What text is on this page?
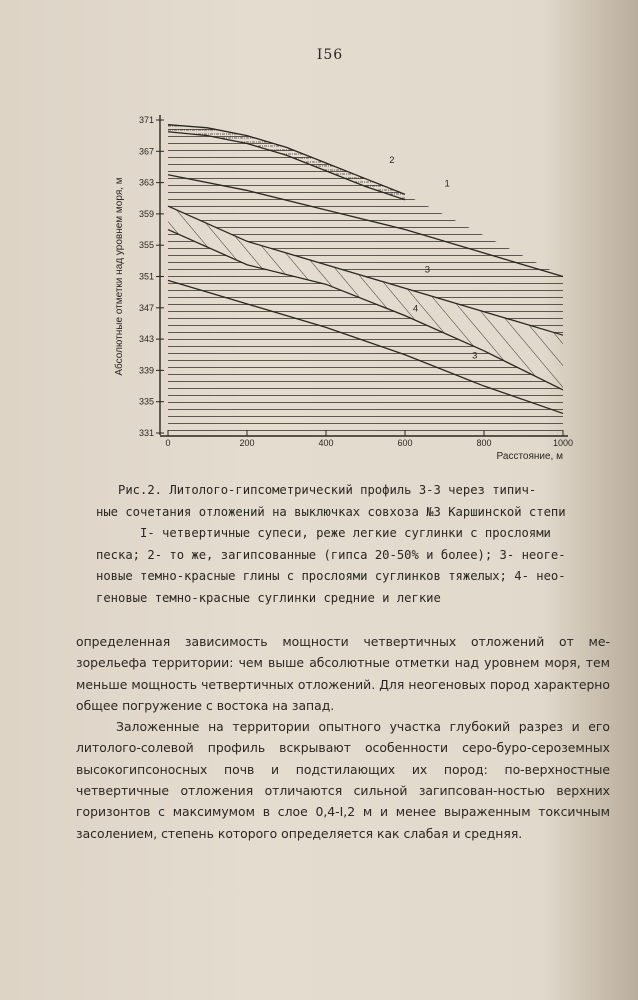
I56
371
367
363
359
355
351
347
343
339
335
331
0	200	400	600	800	1000
Абсолютные отметки над уровнем моря, м
Расстояние, м
1
2
3
4
3
Рис.2. Литолого-гипсометрический профиль 3-3 через типич-
ные сочетания отложений на выключках совхоза №3 Каршинской степи
I- четвертичные супеси, реже легкие суглинки с прослоями
песка; 2- то же, загипсованные (гипса 20-50% и более); 3- неоге-
новые темно-красные глины с прослоями суглинков тяжелых; 4- нео-
геновые темно-красные суглинки средние и легкие
определенная зависимость мощности четвертичных отложений от ме-зорельефа территории: чем выше абсолютные отметки над уровнем моря, тем меньше мощность четвертичных отложений. Для неогеновых пород характерно общее погружение с востока на запад.
Заложенные на территории опытного участка глубокий разрез и его литолого-солевой профиль вскрывают особенности серо-буро-сероземных высокогипсоносных почв и подстилающих их пород: по-верхностные четвертичные отложения отличаются сильной загипсован-ностью верхних горизонтов с максимумом в слое 0,4-I,2 м и менее выраженным токсичным засолением, степень которого определяется как слабая и средняя.
